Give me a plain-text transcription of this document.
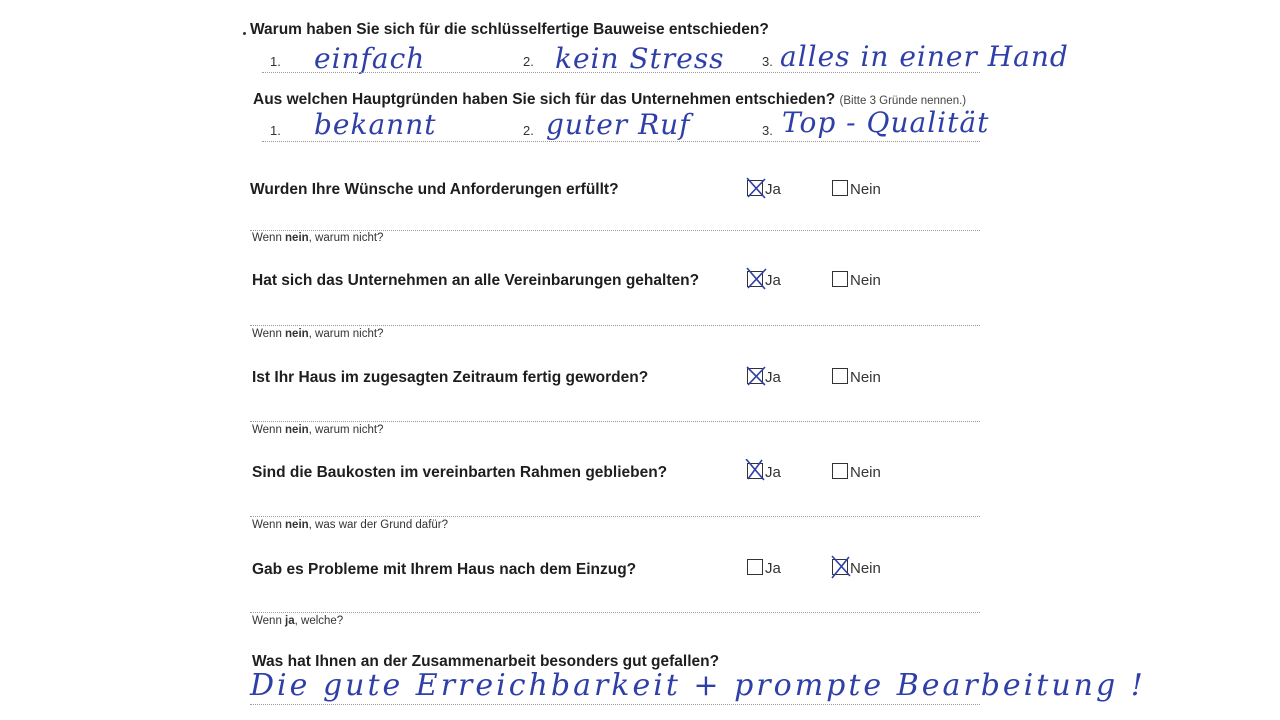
Warum haben Sie sich für die schlüsselfertige Bauweise entschieden?
1. einfach	2. kein Stress	3. alles in einer Hand
Aus welchen Hauptgründen haben Sie sich für das Unternehmen entschieden? (Bitte 3 Gründe nennen.)
1. bekannt	2. guter Ruf	3. Top - Qualität
Wurden Ihre Wünsche und Anforderungen erfüllt?	Ja	Nein
Wenn nein, warum nicht?
Hat sich das Unternehmen an alle Vereinbarungen gehalten?	Ja	Nein
Wenn nein, warum nicht?
Ist Ihr Haus im zugesagten Zeitraum fertig geworden?	Ja	Nein
Wenn nein, warum nicht?
Sind die Baukosten im vereinbarten Rahmen geblieben?	Ja	Nein
Wenn nein, was war der Grund dafür?
Gab es Probleme mit Ihrem Haus nach dem Einzug?	Ja	Nein
Wenn ja, welche?
Was hat Ihnen an der Zusammenarbeit besonders gut gefallen?
Die gute Erreichbarkeit + prompte Bearbeitung !
